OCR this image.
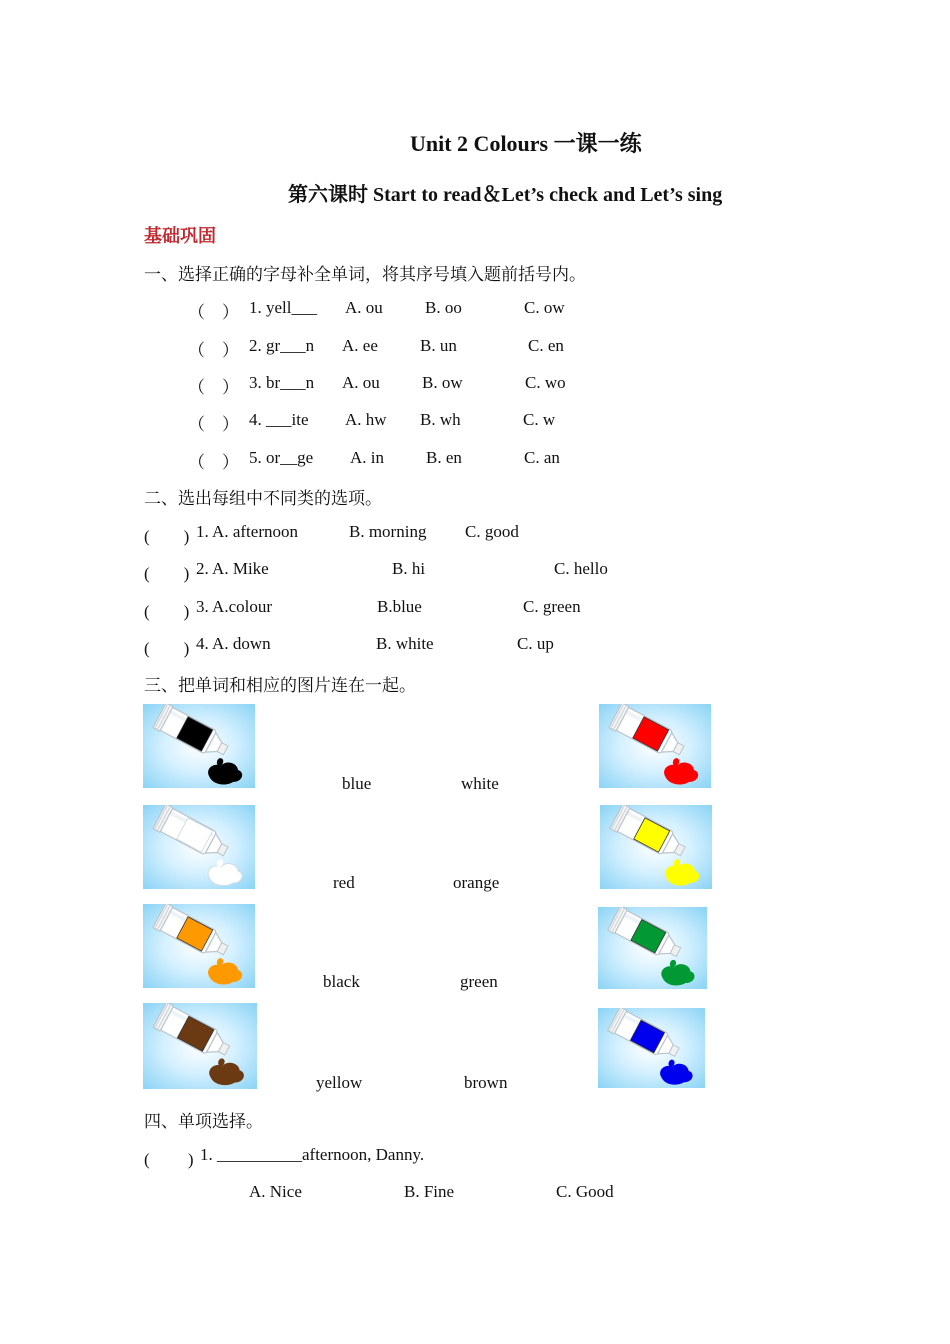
Unit 2 Colours 一课一练
第六课时 Start to read＆Let’s check and Let’s sing
基础巩固
一、选择正确的字母补全单词，将其序号填入题前括号内。
（　） 1. yell___ A. ou B. oo	C. ow
（　） 2. gr___n A. ee B. un	C. en
（　） 3. br___n A. ou B. ow	C. wo
（　） 4. ___ite A. hw B. wh	C. w
（　） 5. or__ge A. in B. en	C. an
二、选出每组中不同类的选项。
(　　) 1. A. afternoon	B. morning C. good
(　　) 2. A. Mike	B. hi	C. hello
(　　) 3. A.colour	B.blue	C. green
(　　) 4. A. down	B. white	C. up
三、把单词和相应的图片连在一起。
blue	white
red	orange
black	green
yellow	brown
四、单项选择。
(　　 ) 1. __________afternoon, Danny.
A. Nice	B. Fine	C. Good
